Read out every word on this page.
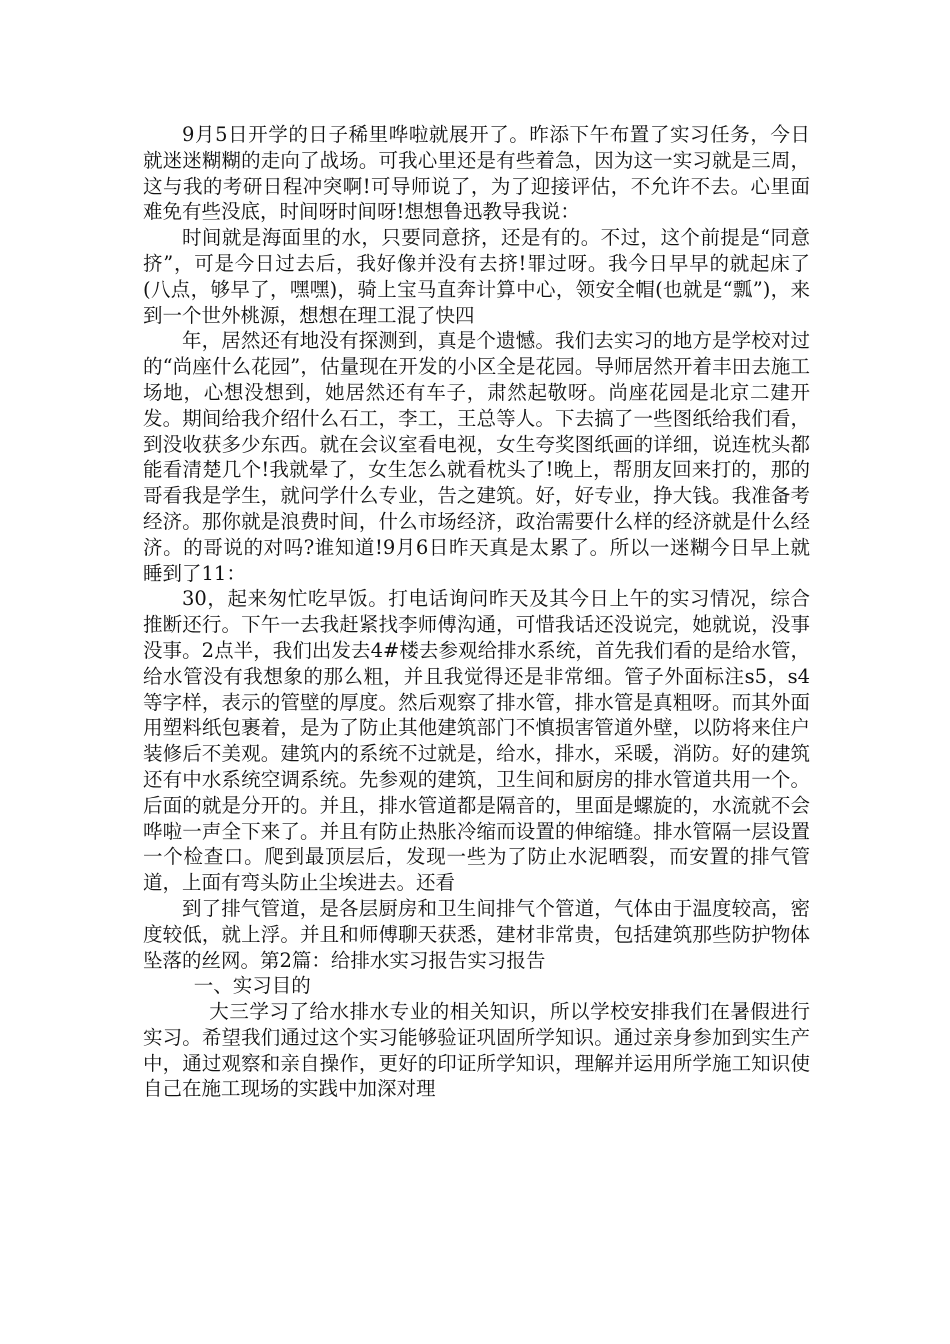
9月5日开学的日子稀里哗啦就展开了。昨添下午布置了实习任务，今日就迷迷糊糊的走向了战场。可我心里还是有些着急，因为这一实习就是三周，这与我的考研日程冲突啊!可导师说了，为了迎接评估，不允许不去。心里面难免有些没底，时间呀时间呀!想想鲁迅教导我说：

时间就是海面里的水，只要同意挤，还是有的。不过，这个前提是“同意挤”，可是今日过去后，我好像并没有去挤!罪过呀。我今日早早的就起床了(八点，够早了，嘿嘿)，骑上宝马直奔计算中心，领安全帽(也就是“瓢”)，来到一个世外桃源，想想在理工混了快四

年，居然还有地没有探测到，真是个遗憾。我们去实习的地方是学校对过的“尚座什么花园”，估量现在开发的小区全是花园。导师居然开着丰田去施工场地，心想没想到，她居然还有车子，肃然起敬呀。尚座花园是北京二建开发。期间给我介绍什么石工，李工，王总等人。下去搞了一些图纸给我们看，到没收获多少东西。就在会议室看电视，女生夸奖图纸画的详细，说连枕头都能看清楚几个!我就晕了，女生怎么就看枕头了!晚上，帮朋友回来打的，那的哥看我是学生，就问学什么专业，告之建筑。好，好专业，挣大钱。我准备考经济。那你就是浪费时间，什么市场经济，政治需要什么样的经济就是什么经济。的哥说的对吗?谁知道!9月6日昨天真是太累了。所以一迷糊今日早上就睡到了11：

30，起来匆忙吃早饭。打电话询问昨天及其今日上午的实习情况，综合推断还行。下午一去我赶紧找李师傅沟通，可惜我话还没说完，她就说，没事没事。2点半，我们出发去4#楼去参观给排水系统，首先我们看的是给水管，给水管没有我想象的那么粗，并且我觉得还是非常细。管子外面标注s5，s4等字样，表示的管壁的厚度。然后观察了排水管，排水管是真粗呀。而其外面用塑料纸包裹着，是为了防止其他建筑部门不慎损害管道外壁，以防将来住户装修后不美观。建筑内的系统不过就是，给水，排水，采暖，消防。好的建筑还有中水系统空调系统。先参观的建筑，卫生间和厨房的排水管道共用一个。后面的就是分开的。并且，排水管道都是隔音的，里面是螺旋的，水流就不会哗啦一声全下来了。并且有防止热胀冷缩而设置的伸缩缝。排水管隔一层设置一个检查口。爬到最顶层后，发现一些为了防止水泥晒裂，而安置的排气管道，上面有弯头防止尘埃进去。还看

到了排气管道，是各层厨房和卫生间排气个管道，气体由于温度较高，密度较低，就上浮。并且和师傅聊天获悉，建材非常贵，包括建筑那些防护物体坠落的丝网。第2篇：给排水实习报告实习报告

一、实习目的

大三学习了给水排水专业的相关知识，所以学校安排我们在暑假进行实习。希望我们通过这个实习能够验证巩固所学知识。通过亲身参加到实生产中，通过观察和亲自操作，更好的印证所学知识，理解并运用所学施工知识使自己在施工现场的实践中加深对理
